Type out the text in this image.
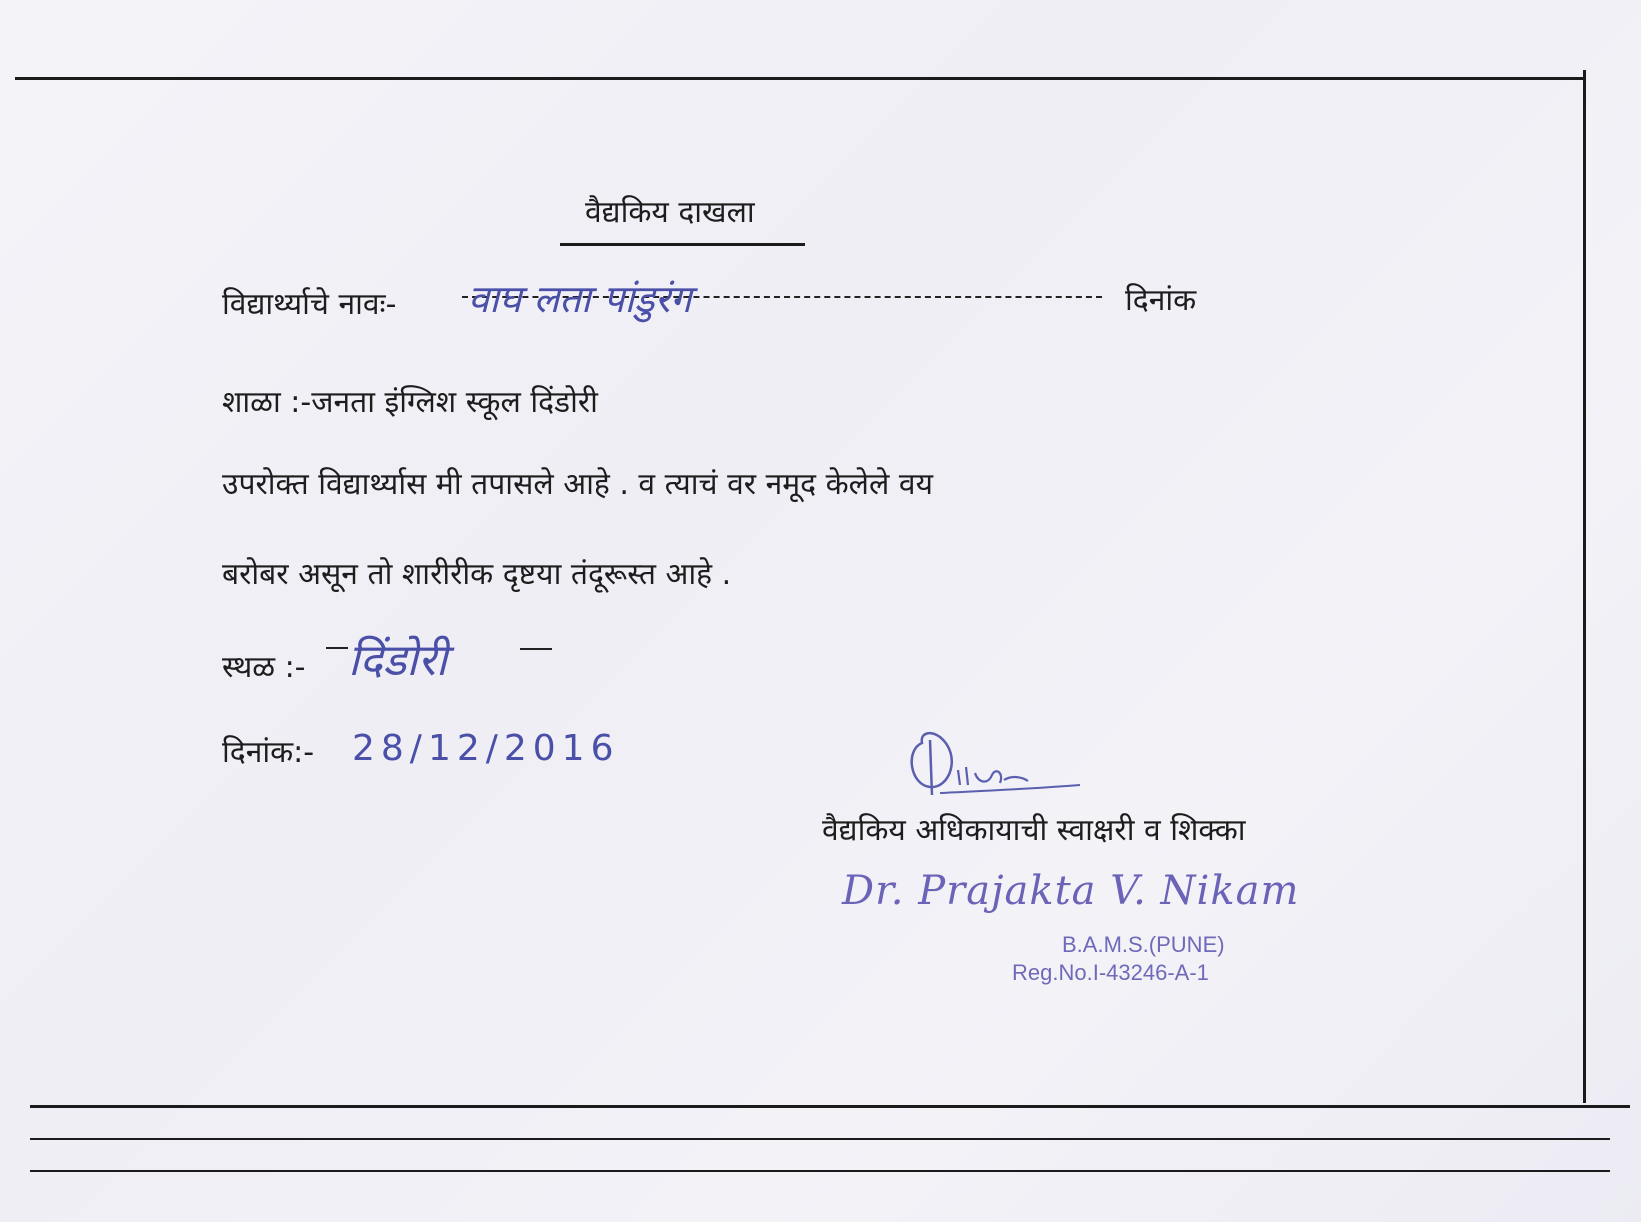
वैद्यकिय दाखला
विद्यार्थ्याचे नावः- वाघ लता पांडुरंग	दिनांक
शाळा :-जनता इंग्लिश स्कूल दिंडोरी
उपरोक्त विद्यार्थ्यास मी तपासले आहे . व त्याचं वर नमूद केलेले वय
बरोबर असून तो शारीरीक दृष्टया तंदूरूस्त आहे .
स्थळ :- दिंडोरी
दिनांक:- 28/12/2016
वैद्यकिय अधिकायाची स्वाक्षरी व शिक्का
Dr. Prajakta V. Nikam
B.A.M.S.(PUNE)
Reg.No.I-43246-A-1
